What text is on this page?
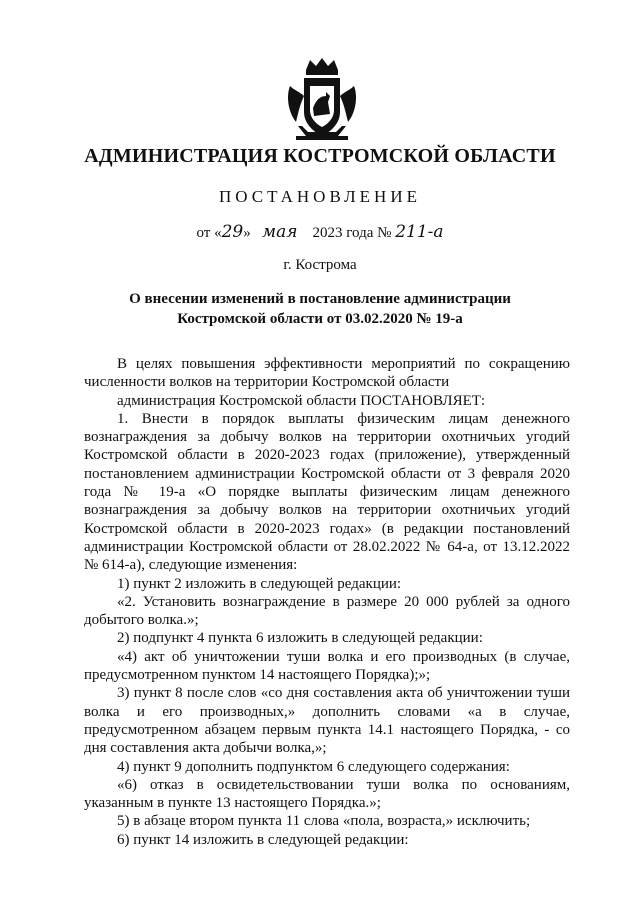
АДМИНИСТРАЦИЯ КОСТРОМСКОЙ ОБЛАСТИ
ПОСТАНОВЛЕНИЕ
от «29» мая 2023 года № 211-а
г. Кострома
О внесении изменений в постановление администрации
Костромской области от 03.02.2020 № 19-а

В целях повышения эффективности мероприятий по сокращению численности волков на территории Костромской области

администрация Костромской области ПОСТАНОВЛЯЕТ:

1. Внести в порядок выплаты физическим лицам денежного вознаграждения за добычу волков на территории охотничьих угодий Костромской области в 2020-2023 годах (приложение), утвержденный постановлением администрации Костромской области от 3 февраля 2020 года № 19-а «О порядке выплаты физическим лицам денежного вознаграждения за добычу волков на территории охотничьих угодий Костромской области в 2020-2023 годах» (в редакции постановлений администрации Костромской области от 28.02.2022 № 64-а, от 13.12.2022 № 614-а), следующие изменения:

1) пункт 2 изложить в следующей редакции:

«2. Установить вознаграждение в размере 20 000 рублей за одного добытого волка.»;

2) подпункт 4 пункта 6 изложить в следующей редакции:

«4) акт об уничтожении туши волка и его производных (в случае, предусмотренном пунктом 14 настоящего Порядка);»;

3) пункт 8 после слов «со дня составления акта об уничтожении туши волка и его производных,» дополнить словами «а в случае, предусмотренном абзацем первым пункта 14.1 настоящего Порядка, - со дня составления акта добычи волка,»;

4) пункт 9 дополнить подпунктом 6 следующего содержания:

«6) отказ в освидетельствовании туши волка по основаниям, указанным в пункте 13 настоящего Порядка.»;

5) в абзаце втором пункта 11 слова «пола, возраста,» исключить;

6) пункт 14 изложить в следующей редакции:
